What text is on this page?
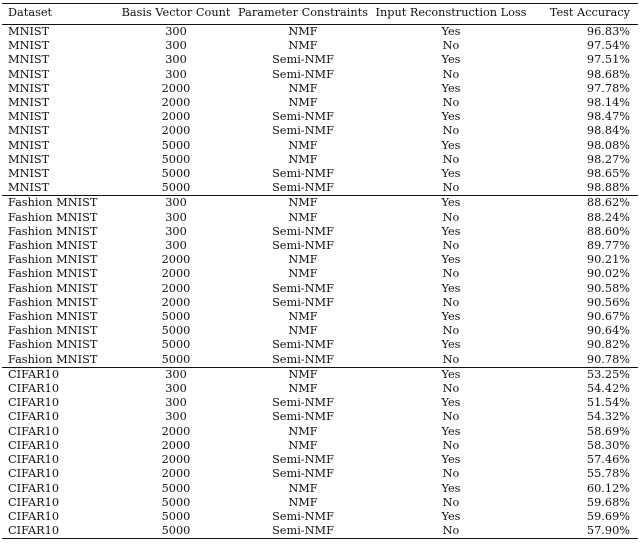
Dataset	Basis Vector Count	Parameter Constraints	Input Reconstruction Loss	Test Accuracy
MNIST	300	NMF	Yes	96.83%
MNIST	300	NMF	No	97.54%
MNIST	300	Semi-NMF	Yes	97.51%
MNIST	300	Semi-NMF	No	98.68%
MNIST	2000	NMF	Yes	97.78%
MNIST	2000	NMF	No	98.14%
MNIST	2000	Semi-NMF	Yes	98.47%
MNIST	2000	Semi-NMF	No	98.84%
MNIST	5000	NMF	Yes	98.08%
MNIST	5000	NMF	No	98.27%
MNIST	5000	Semi-NMF	Yes	98.65%
MNIST	5000	Semi-NMF	No	98.88%
Fashion MNIST	300	NMF	Yes	88.62%
Fashion MNIST	300	NMF	No	88.24%
Fashion MNIST	300	Semi-NMF	Yes	88.60%
Fashion MNIST	300	Semi-NMF	No	89.77%
Fashion MNIST	2000	NMF	Yes	90.21%
Fashion MNIST	2000	NMF	No	90.02%
Fashion MNIST	2000	Semi-NMF	Yes	90.58%
Fashion MNIST	2000	Semi-NMF	No	90.56%
Fashion MNIST	5000	NMF	Yes	90.67%
Fashion MNIST	5000	NMF	No	90.64%
Fashion MNIST	5000	Semi-NMF	Yes	90.82%
Fashion MNIST	5000	Semi-NMF	No	90.78%
CIFAR10	300	NMF	Yes	53.25%
CIFAR10	300	NMF	No	54.42%
CIFAR10	300	Semi-NMF	Yes	51.54%
CIFAR10	300	Semi-NMF	No	54.32%
CIFAR10	2000	NMF	Yes	58.69%
CIFAR10	2000	NMF	No	58.30%
CIFAR10	2000	Semi-NMF	Yes	57.46%
CIFAR10	2000	Semi-NMF	No	55.78%
CIFAR10	5000	NMF	Yes	60.12%
CIFAR10	5000	NMF	No	59.68%
CIFAR10	5000	Semi-NMF	Yes	59.69%
CIFAR10	5000	Semi-NMF	No	57.90%
